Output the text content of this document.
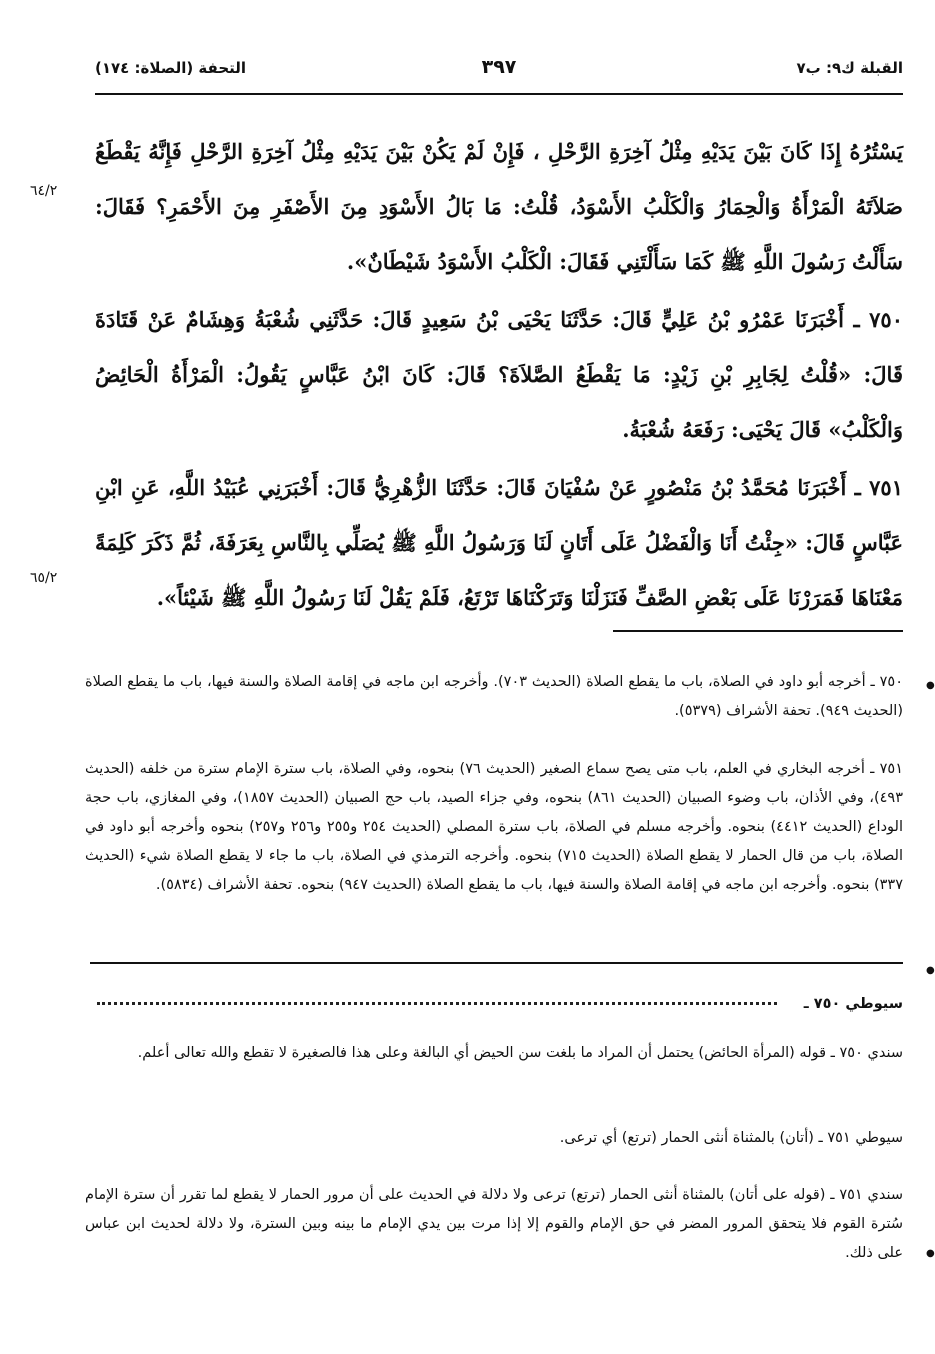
القبلة ك٩: ب٧
٣٩٧
التحفة (الصلاة: ١٧٤)
يَسْتُرُهُ إِذَا كَانَ بَيْنَ يَدَيْهِ مِثْلُ آخِرَةِ الرَّحْلِ ، فَإِنْ لَمْ يَكُنْ بَيْنَ يَدَيْهِ مِثْلُ آخِرَةِ الرَّحْلِ فَإِنَّهُ يَقْطَعُ صَلاَتَهُ الْمَرْأَةُ وَالْحِمَارُ وَالْكَلْبُ الأَسْوَدُ، قُلْتُ: مَا بَالُ الأَسْوَدِ مِنَ الأَصْفَرِ مِنَ الأَحْمَرِ؟ فَقَالَ: سَأَلْتُ رَسُولَ اللَّهِ ﷺ كَمَا سَأَلْتَنِي فَقَالَ: الْكَلْبُ الأَسْوَدُ شَيْطَانٌ».
٦٤/٢
٧٥٠ ـ أَخْبَرَنَا عَمْرُو بْنُ عَلِيٍّ قَالَ: حَدَّثَنَا يَحْيَى بْنُ سَعِيدٍ قَالَ: حَدَّثَنِي شُعْبَةُ وَهِشَامٌ عَنْ قَتَادَةَ قَالَ: «قُلْتُ لِجَابِرِ بْنِ زَيْدٍ: مَا يَقْطَعُ الصَّلاَةَ؟ قَالَ: كَانَ ابْنُ عَبَّاسٍ يَقُولُ: الْمَرْأَةُ الْحَائِضُ وَالْكَلْبُ» قَالَ يَحْيَى: رَفَعَهُ شُعْبَةُ.
٧٥١ ـ أَخْبَرَنَا مُحَمَّدُ بْنُ مَنْصُورٍ عَنْ سُفْيَانَ قَالَ: حَدَّثَنَا الزُّهْرِيُّ قَالَ: أَخْبَرَنِي عُبَيْدُ اللَّهِ، عَنِ ابْنِ عَبَّاسٍ قَالَ: «جِئْتُ أَنَا وَالْفَضْلُ عَلَى أَتَانٍ لَنَا وَرَسُولُ اللَّهِ ﷺ يُصَلِّي بِالنَّاسِ بِعَرَفَةَ، ثُمَّ ذَكَرَ كَلِمَةً مَعْنَاهَا فَمَرَرْنَا عَلَى بَعْضِ الصَّفِّ فَنَزَلْنَا وَتَرَكْنَاهَا تَرْتَعُ، فَلَمْ يَقُلْ لَنَا رَسُولُ اللَّهِ ﷺ شَيْئاً».
٦٥/٢
٧٥٠ ـ أخرجه أبو داود في الصلاة، باب ما يقطع الصلاة (الحديث ٧٠٣). وأخرجه ابن ماجه في إقامة الصلاة والسنة فيها، باب ما يقطع الصلاة (الحديث ٩٤٩). تحفة الأشراف (٥٣٧٩).
●
٧٥١ ـ أخرجه البخاري في العلم، باب متى يصح سماع الصغير (الحديث ٧٦) بنحوه، وفي الصلاة، باب سترة الإمام سترة من خلفه (الحديث ٤٩٣)، وفي الأذان، باب وضوء الصبيان (الحديث ٨٦١) بنحوه، وفي جزاء الصيد، باب حج الصبيان (الحديث ١٨٥٧)، وفي المغازي، باب حجة الوداع (الحديث ٤٤١٢) بنحوه. وأخرجه مسلم في الصلاة، باب سترة المصلي (الحديث ٢٥٤ و٢٥٥ و٢٥٦ و٢٥٧) بنحوه وأخرجه أبو داود في الصلاة، باب من قال الحمار لا يقطع الصلاة (الحديث ٧١٥) بنحوه. وأخرجه الترمذي في الصلاة، باب ما جاء لا يقطع الصلاة شيء (الحديث ٣٣٧) بنحوه. وأخرجه ابن ماجه في إقامة الصلاة والسنة فيها، باب ما يقطع الصلاة (الحديث ٩٤٧) بنحوه. تحفة الأشراف (٥٨٣٤).
●
سيوطي ٧٥٠ ـ
سندي ٧٥٠ ـ قوله (المرأة الحائض) يحتمل أن المراد ما بلغت سن الحيض أي البالغة وعلى هذا فالصغيرة لا تقطع والله تعالى أعلم.
سيوطي ٧٥١ ـ (أتان) بالمثناة أنثى الحمار (ترتع) أي ترعى.
سندي ٧٥١ ـ (قوله على أتان) بالمثناة أنثى الحمار (ترتع) ترعى ولا دلالة في الحديث على أن مرور الحمار لا يقطع لما تقرر أن سترة الإمام سُترة القوم فلا يتحقق المرور المضر في حق الإمام والقوم إلا إذا مرت بين يدي الإمام ما بينه وبين السترة، ولا دلالة لحديث ابن عباس على ذلك. ●
